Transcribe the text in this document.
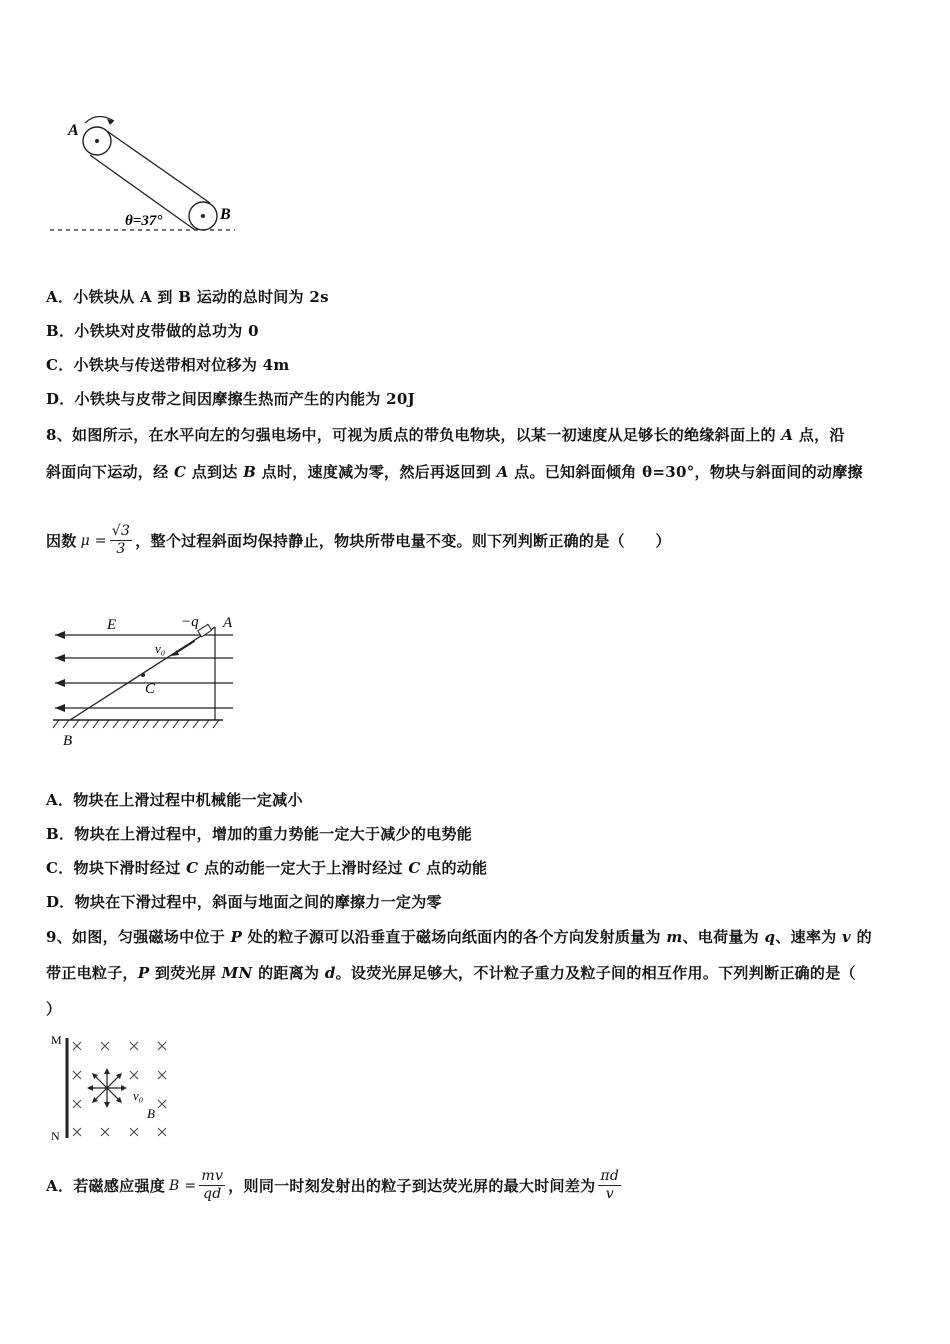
A
B
θ=37°
A．小铁块从 A 到 B 运动的总时间为 2s
B．小铁块对皮带做的总功为 0
C．小铁块与传送带相对位移为 4m
D．小铁块与皮带之间因摩擦生热而产生的内能为 20J
8、如图所示，在水平向左的匀强电场中，可视为质点的带负电物块，以某一初速度从足够长的绝缘斜面上的 A 点，沿
斜面向下运动，经 C 点到达 B 点时，速度减为零，然后再返回到 A 点。已知斜面倾角 θ=30°，物块与斜面间的动摩擦
因数 $\mu = \frac{√3}{3}$ ，整个过程斜面均保持静止，物块所带电量不变。则下列判断正确的是（　　）
E	−q A
v₀
C
B
A．物块在上滑过程中机械能一定减小
B．物块在上滑过程中，增加的重力势能一定大于减少的电势能
C．物块下滑时经过 C 点的动能一定大于上滑时经过 C 点的动能
D．物块在下滑过程中，斜面与地面之间的摩擦力一定为零
9、如图，匀强磁场中位于 P 处的粒子源可以沿垂直于磁场向纸面内的各个方向发射质量为 m、电荷量为 q、速率为 v 的
带正电粒子，P 到荧光屏 MN 的距离为 d。设荧光屏足够大，不计粒子重力及粒子间的相互作用。下列判断正确的是（
）
M
N
v₀
B
A．若磁感应强度 $B = \frac{mv}{qd}$ ，则同一时刻发射出的粒子到达荧光屏的最大时间差为 $\frac{\pi d}{v}$
